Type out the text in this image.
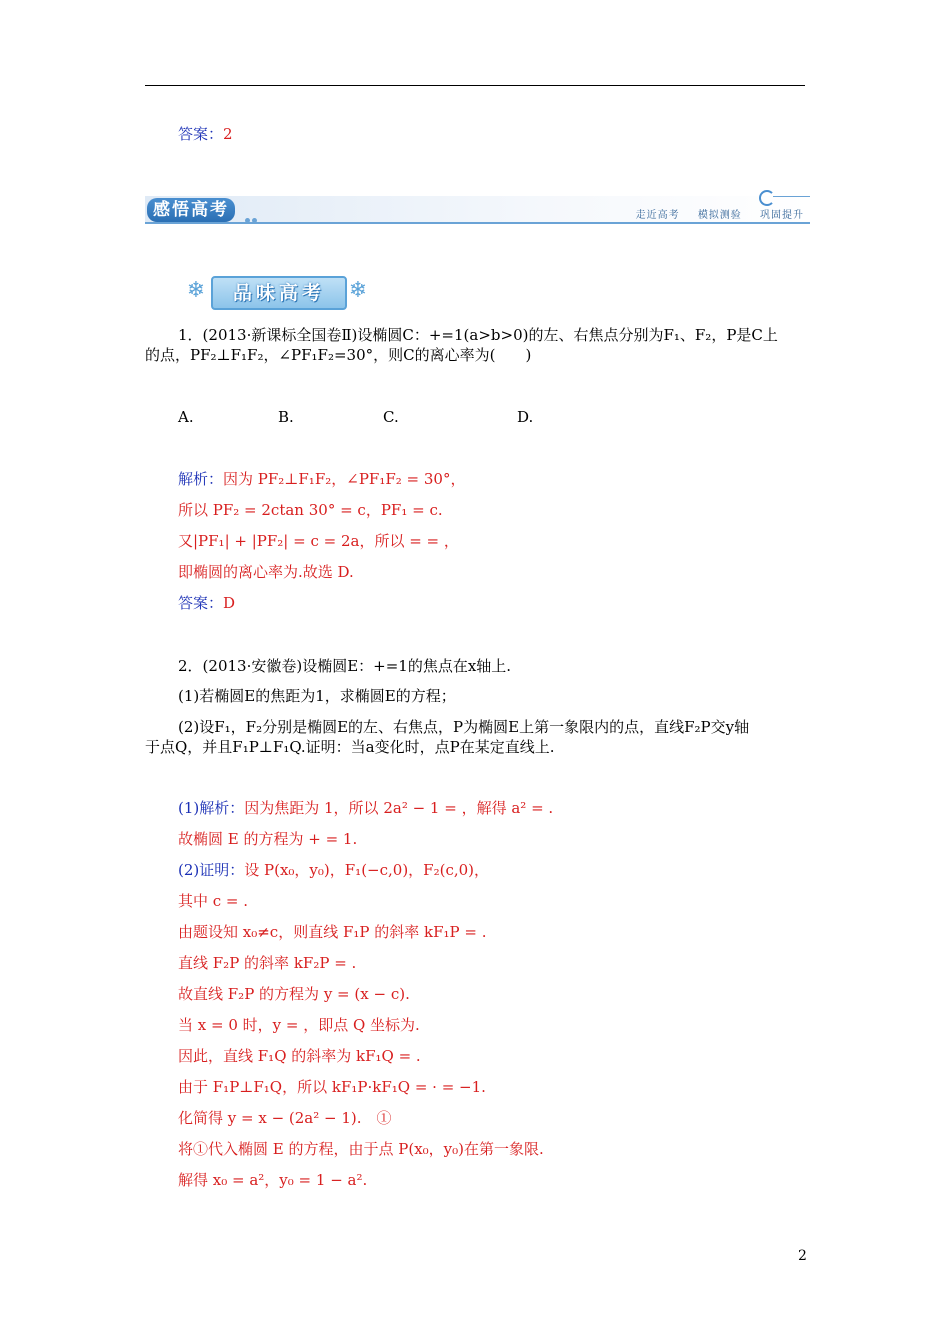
答案：2
感悟高考	走近高考 模拟测验 巩固提升
❄	品味高考	❄
1．(2013·新课标全国卷Ⅱ)设椭圆C：+=1(a>b>0)的左、右焦点分别为F₁、F₂，P是C上
的点，PF₂⊥F₁F₂，∠PF₁F₂=30°，则C的离心率为(　　)
A.	B.	C.	D.
解析：因为 PF₂⊥F₁F₂，∠PF₁F₂ = 30°，
所以 PF₂ = 2ctan 30° = c，PF₁ = c.
又|PF₁| + |PF₂| = c = 2a，所以 = = ，
即椭圆的离心率为.故选 D.
答案：D
2．(2013·安徽卷)设椭圆E：+=1的焦点在x轴上.
(1)若椭圆E的焦距为1，求椭圆E的方程；
(2)设F₁，F₂分别是椭圆E的左、右焦点，P为椭圆E上第一象限内的点，直线F₂P交y轴
于点Q，并且F₁P⊥F₁Q.证明：当a变化时，点P在某定直线上.
(1)解析：因为焦距为 1，所以 2a² − 1 = ，解得 a² = .
故椭圆 E 的方程为 + = 1.
(2)证明：设 P(x₀，y₀)，F₁(−c,0)，F₂(c,0)，
其中 c = .
由题设知 x₀≠c，则直线 F₁P 的斜率 kF₁P = .
直线 F₂P 的斜率 kF₂P = .
故直线 F₂P 的方程为 y = (x − c).
当 x = 0 时，y = ，即点 Q 坐标为.
因此，直线 F₁Q 的斜率为 kF₁Q = .
由于 F₁P⊥F₁Q，所以 kF₁P·kF₁Q = · = −1.
化简得 y = x − (2a² − 1).　①
将①代入椭圆 E 的方程，由于点 P(x₀，y₀)在第一象限.
解得 x₀ = a²，y₀ = 1 − a².
2
